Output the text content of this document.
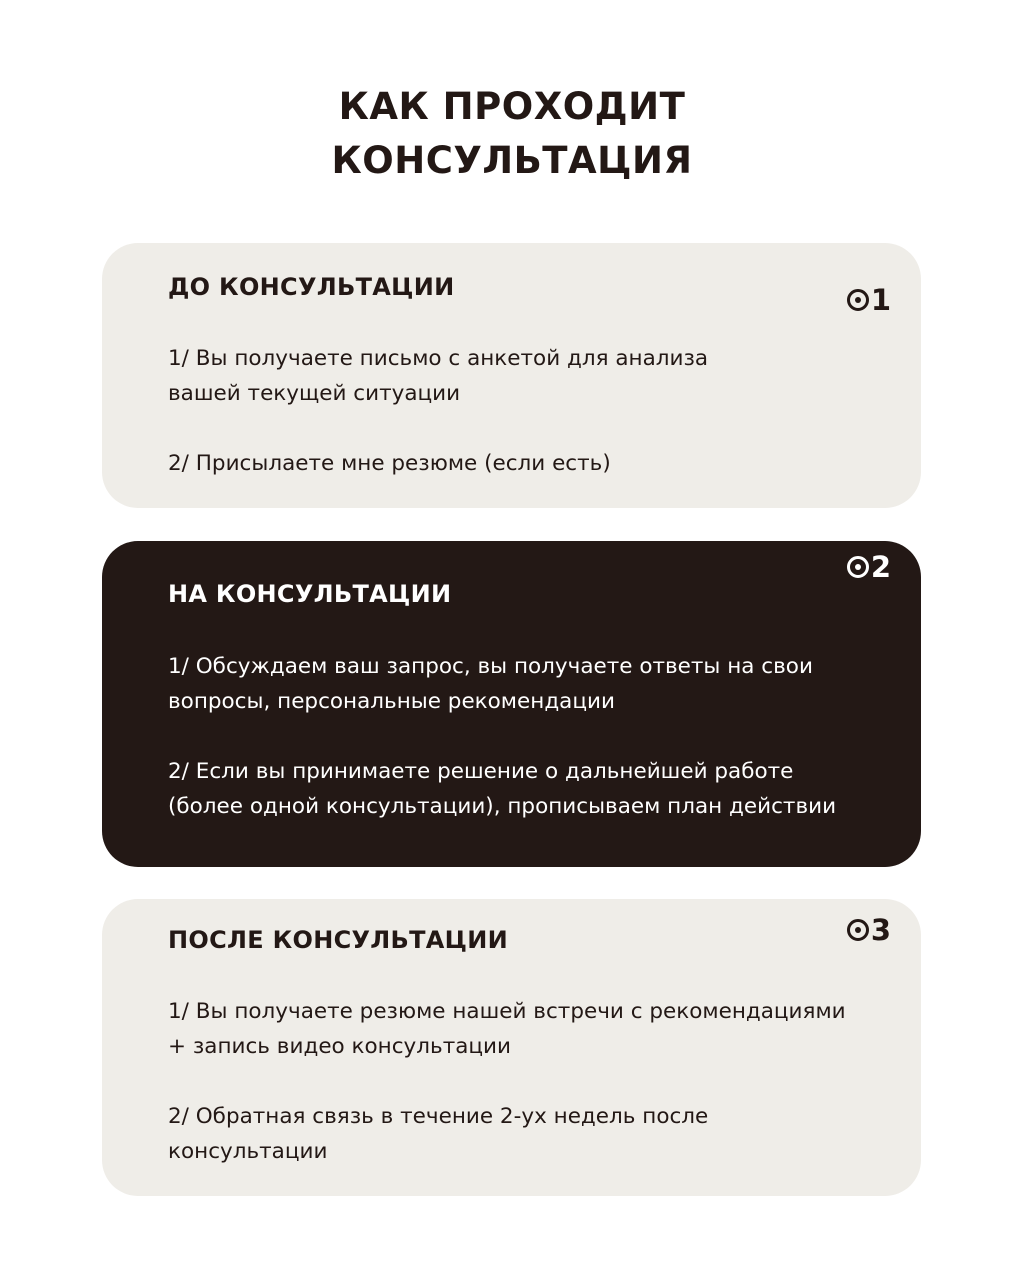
КАК ПРОХОДИТ
КОНСУЛЬТАЦИЯ
ДО КОНСУЛЬТАЦИИ	1
1/ Вы получаете письмо с анкетой для анализа
вашей текущей ситуации
2/ Присылаете мне резюме (если есть)
НА КОНСУЛЬТАЦИИ
2
1/ Обсуждаем ваш запрос, вы получаете ответы на свои
вопросы, персональные рекомендации
2/ Если вы принимаете решение о дальнейшей работе
(более одной консультации), прописываем план действии
ПОСЛЕ КОНСУЛЬТАЦИИ	3
1/ Вы получаете резюме нашей встречи с рекомендациями
+ запись видео консультации
2/ Обратная связь в течение 2-ух недель после
консультации
